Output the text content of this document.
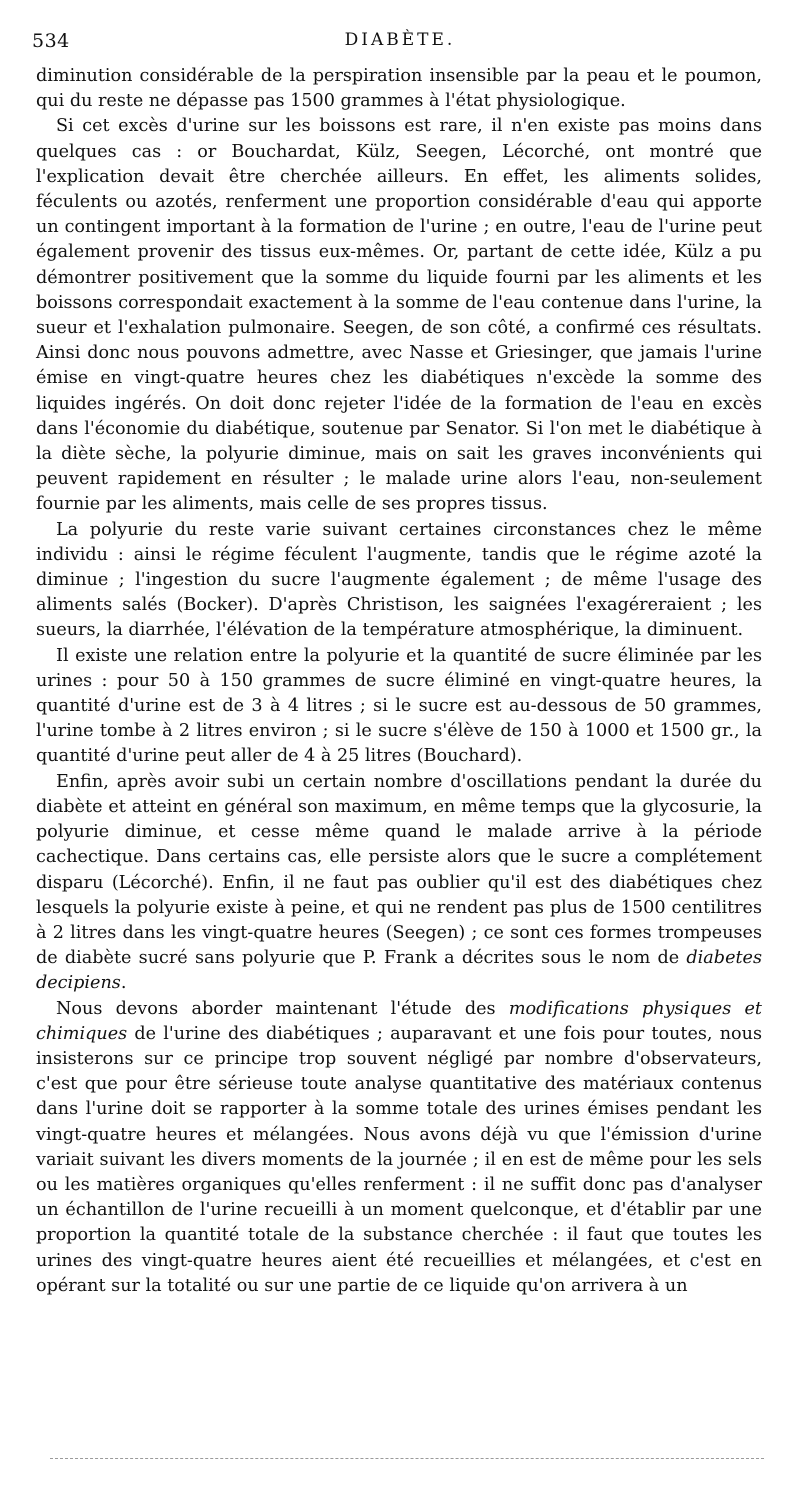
534	DIABÈTE.

diminution considérable de la perspiration insensible par la peau et le poumon, qui du reste ne dépasse pas 1500 grammes à l'état physiologique.

Si cet excès d'urine sur les boissons est rare, il n'en existe pas moins dans quelques cas : or Bouchardat, Külz, Seegen, Lécorché, ont montré que l'explication devait être cherchée ailleurs. En effet, les aliments solides, féculents ou azotés, renferment une proportion considérable d'eau qui apporte un contingent important à la formation de l'urine ; en outre, l'eau de l'urine peut également provenir des tissus eux-mêmes. Or, partant de cette idée, Külz a pu démontrer positivement que la somme du liquide fourni par les aliments et les boissons correspondait exactement à la somme de l'eau contenue dans l'urine, la sueur et l'exhalation pulmonaire. Seegen, de son côté, a confirmé ces résultats. Ainsi donc nous pouvons admettre, avec Nasse et Griesinger, que jamais l'urine émise en vingt-quatre heures chez les diabétiques n'excède la somme des liquides ingérés. On doit donc rejeter l'idée de la formation de l'eau en excès dans l'économie du diabétique, soutenue par Senator. Si l'on met le diabétique à la diète sèche, la polyurie diminue, mais on sait les graves inconvénients qui peuvent rapidement en résulter ; le malade urine alors l'eau, non-seulement fournie par les aliments, mais celle de ses propres tissus.

La polyurie du reste varie suivant certaines circonstances chez le même individu : ainsi le régime féculent l'augmente, tandis que le régime azoté la diminue ; l'ingestion du sucre l'augmente également ; de même l'usage des aliments salés (Bocker). D'après Christison, les saignées l'exagéreraient ; les sueurs, la diarrhée, l'élévation de la température atmosphérique, la diminuent.

Il existe une relation entre la polyurie et la quantité de sucre éliminée par les urines : pour 50 à 150 grammes de sucre éliminé en vingt-quatre heures, la quantité d'urine est de 3 à 4 litres ; si le sucre est au-dessous de 50 grammes, l'urine tombe à 2 litres environ ; si le sucre s'élève de 150 à 1000 et 1500 gr., la quantité d'urine peut aller de 4 à 25 litres (Bouchard).

Enfin, après avoir subi un certain nombre d'oscillations pendant la durée du diabète et atteint en général son maximum, en même temps que la glycosurie, la polyurie diminue, et cesse même quand le malade arrive à la période cachectique. Dans certains cas, elle persiste alors que le sucre a complétement disparu (Lécorché). Enfin, il ne faut pas oublier qu'il est des diabétiques chez lesquels la polyurie existe à peine, et qui ne rendent pas plus de 1500 centilitres à 2 litres dans les vingt-quatre heures (Seegen) ; ce sont ces formes trompeuses de diabète sucré sans polyurie que P. Frank a décrites sous le nom de diabetes decipiens.

Nous devons aborder maintenant l'étude des modifications physiques et chimiques de l'urine des diabétiques ; auparavant et une fois pour toutes, nous insisterons sur ce principe trop souvent négligé par nombre d'observateurs, c'est que pour être sérieuse toute analyse quantitative des matériaux contenus dans l'urine doit se rapporter à la somme totale des urines émises pendant les vingt-quatre heures et mélangées. Nous avons déjà vu que l'émission d'urine variait suivant les divers moments de la journée ; il en est de même pour les sels ou les matières organiques qu'elles renferment : il ne suffit donc pas d'analyser un échantillon de l'urine recueilli à un moment quelconque, et d'établir par une proportion la quantité totale de la substance cherchée : il faut que toutes les urines des vingt-quatre heures aient été recueillies et mélangées, et c'est en opérant sur la totalité ou sur une partie de ce liquide qu'on arrivera à un
